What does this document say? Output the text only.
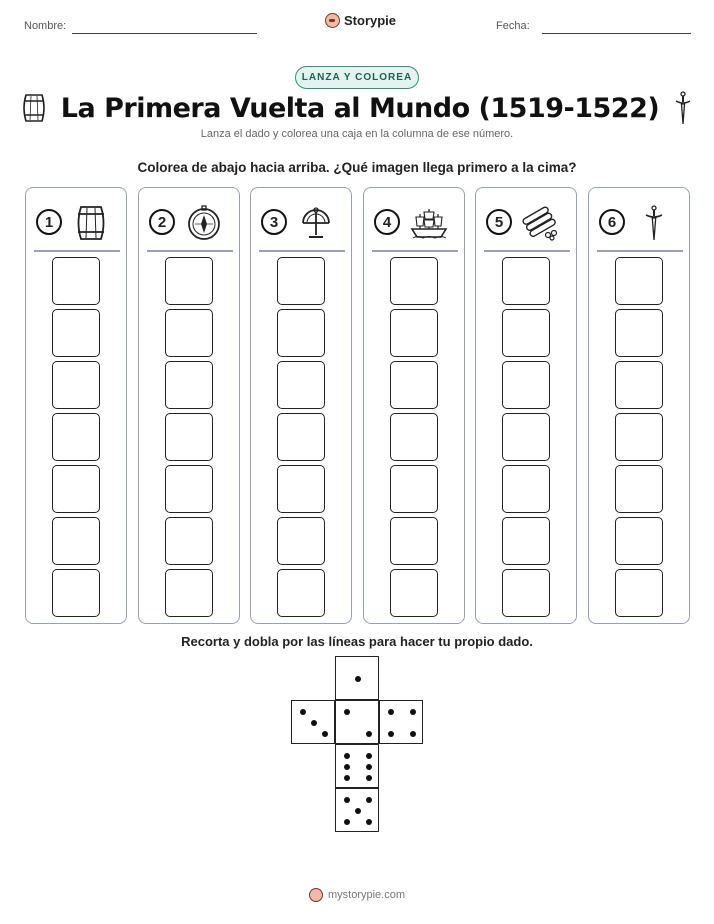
Nombre:	Storypie	Fecha:
LANZA Y COLOREA
La Primera Vuelta al Mundo (1519-1522)
Lanza el dado y colorea una caja en la columna de ese número.
Colorea de abajo hacia arriba. ¿Qué imagen llega primero a la cima?
1	2	3	4	5	6
Recorta y dobla por las líneas para hacer tu propio dado.
mystorypie.com
